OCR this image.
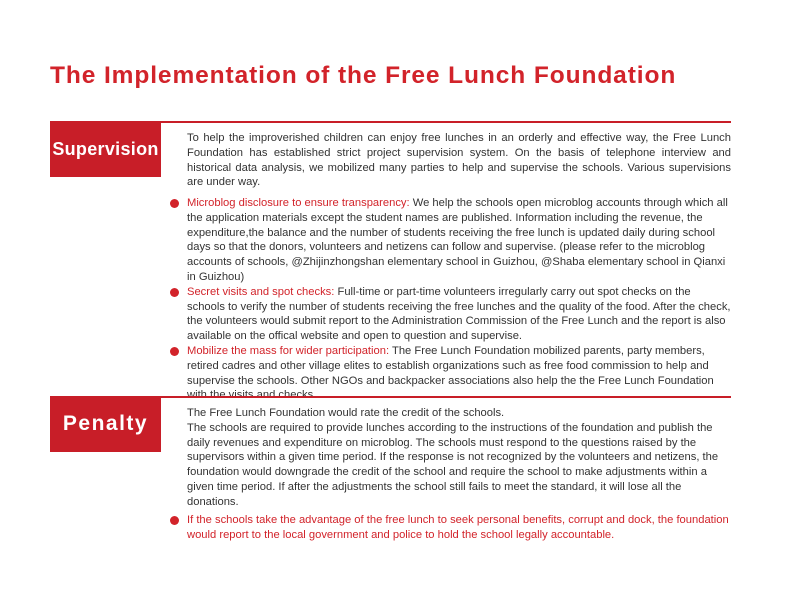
The Implementation of the Free Lunch Foundation
Supervision

To help the improverished children can enjoy free lunches in an orderly and effective way, the Free Lunch Foundation has established strict project supervision system. On the basis of telephone interview and historical data analysis, we mobilized many parties to help and supervise the schools. Various supervisions are under way.

Microblog disclosure to ensure transparency: We help the schools open microblog accounts through which all the application materials except the student names are published. Information including the revenue, the expenditure,the balance and the number of students receiving the free lunch is updated daily during school days so that the donors, volunteers and netizens can follow and supervise. (please refer to the microblog accounts of schools, @Zhijinzhongshan elementary school in Guizhou, @Shaba elementary school in Qianxi in Guizhou)

Secret visits and spot checks: Full-time or part-time volunteers irregularly carry out spot checks on the schools to verify the number of students receiving the free lunches and the quality of the food. After the check, the volunteers would submit report to the Administration Commission of the Free Lunch and the report is also available on the offical website and open to question and supervise.

Mobilize the mass for wider participation: The Free Lunch Foundation mobilized parents, party members, retired cadres and other village elites to establish organizations such as free food commission to help and supervise the schools. Other NGOs and backpacker associations also help the the Free Lunch Foundation

Penalty	The Free Lunch Foundation would rate the credit of the schools.
The schools are required to provide lunches according to the instructions of the foundation and publish the daily revenues and expenditure on microblog. The schools must respond to the questions raised by the supervisors within a given time period. If the response is not recognized by the volunteers and netizens, the foundation would downgrade the credit of the school and require the school to make adjustments within a given time period. If after the adjustments the school still fails to meet the standard, it will lose all the donations.

If the schools take the advantage of the free lunch to seek personal benefits, corrupt and dock, the foundation would report to the local government and police to hold the school legally accountable.
